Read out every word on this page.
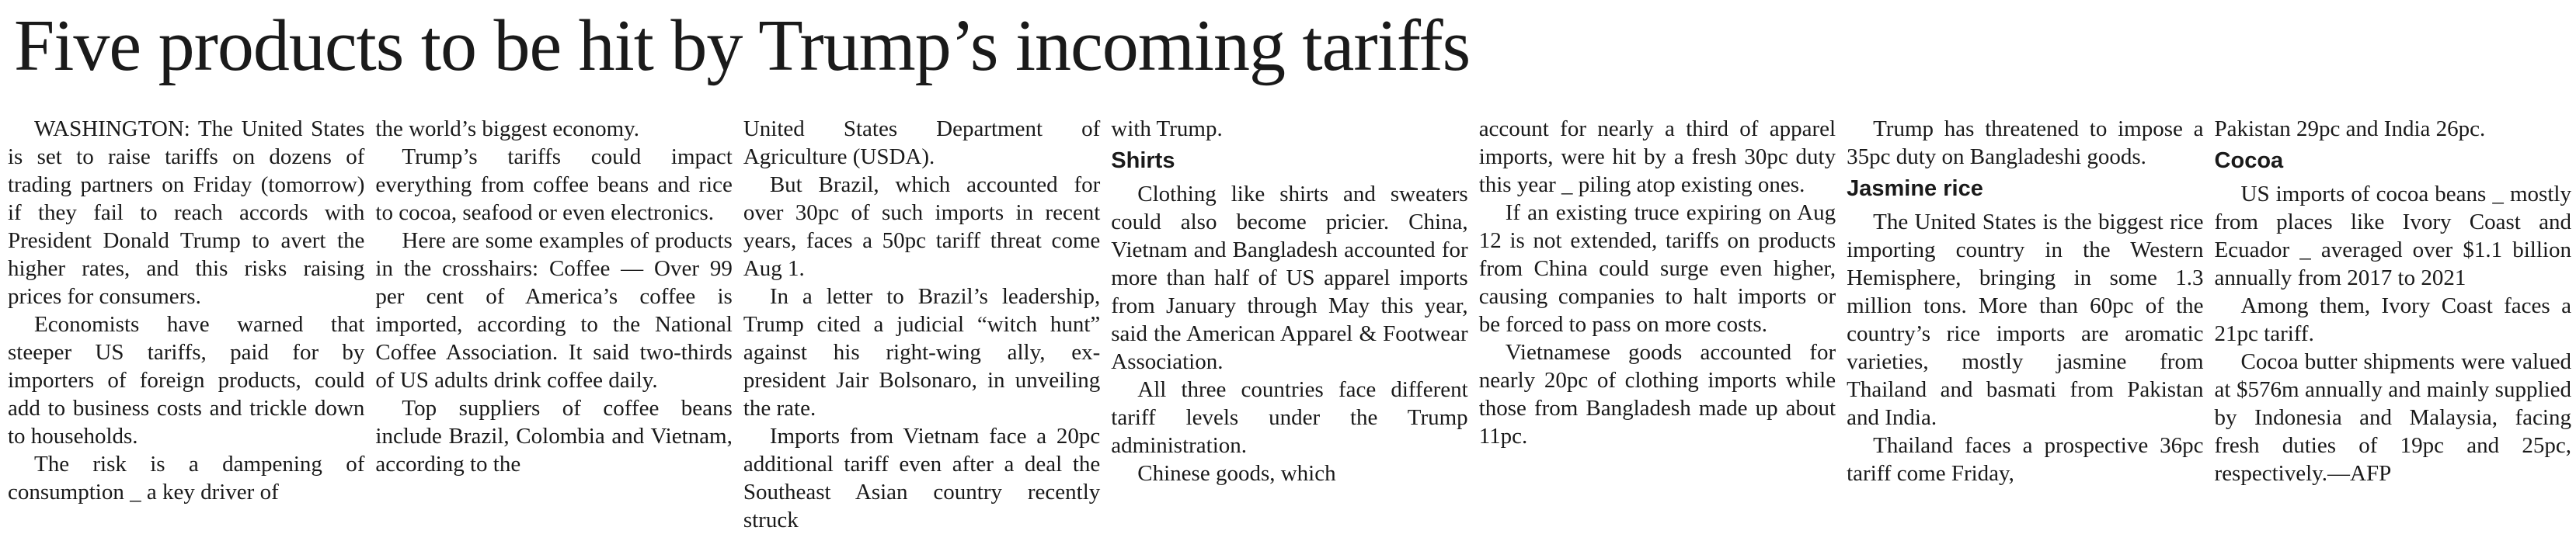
Five products to be hit by Trump’s incoming tariffs

WASHINGTON: The United States is set to raise tariffs on dozens of trading partners on Friday (tomorrow) if they fail to reach accords with President Donald Trump to avert the higher rates, and this risks raising prices for consumers.

Economists have warned that steeper US tariffs, paid for by importers of foreign products, could add to business costs and trickle down to households.

The risk is a dampening of consumption _ a key driver of

the world’s biggest economy.

Trump’s tariffs could impact everything from coffee beans and rice to cocoa, seafood or even electronics.

Here are some examples of products in the crosshairs: Coffee — Over 99 per cent of America’s coffee is imported, according to the National Coffee Association. It said two-thirds of US adults drink coffee daily.

Top suppliers of coffee beans include Brazil, Colombia and Vietnam, according to the

United States Department of Agriculture (USDA).

But Brazil, which accounted for over 30pc of such imports in recent years, faces a 50pc tariff threat come Aug 1.

In a letter to Brazil’s leadership, Trump cited a judicial “witch hunt” against his right-wing ally, ex-president Jair Bolsonaro, in unveiling the rate.

Imports from Vietnam face a 20pc additional tariff even after a deal the Southeast Asian country recently struck

with Trump.

Shirts

Clothing like shirts and sweaters could also become pricier. China, Vietnam and Bangladesh accounted for more than half of US apparel imports from January through May this year, said the American Apparel & Footwear Association.

All three countries face different tariff levels under the Trump administration.

Chinese goods, which

account for nearly a third of apparel imports, were hit by a fresh 30pc duty this year _ piling atop existing ones.

If an existing truce expiring on Aug 12 is not extended, tariffs on products from China could surge even higher, causing companies to halt imports or be forced to pass on more costs.

Vietnamese goods accounted for nearly 20pc of clothing imports while those from Bangladesh made up about 11pc.

Trump has threatened to impose a 35pc duty on Bangladeshi goods.

Jasmine rice

The United States is the biggest rice importing country in the Western Hemisphere, bringing in some 1.3 million tons. More than 60pc of the country’s rice imports are aromatic varieties, mostly jasmine from Thailand and basmati from Pakistan and India.

Thailand faces a prospective 36pc tariff come Friday,

Pakistan 29pc and India 26pc.

Cocoa

US imports of cocoa beans _ mostly from places like Ivory Coast and Ecuador _ averaged over $1.1 billion annually from 2017 to 2021

Among them, Ivory Coast faces a 21pc tariff.

Cocoa butter shipments were valued at $576m annually and mainly supplied by Indonesia and Malaysia, facing fresh duties of 19pc and 25pc, respectively.—AFP
